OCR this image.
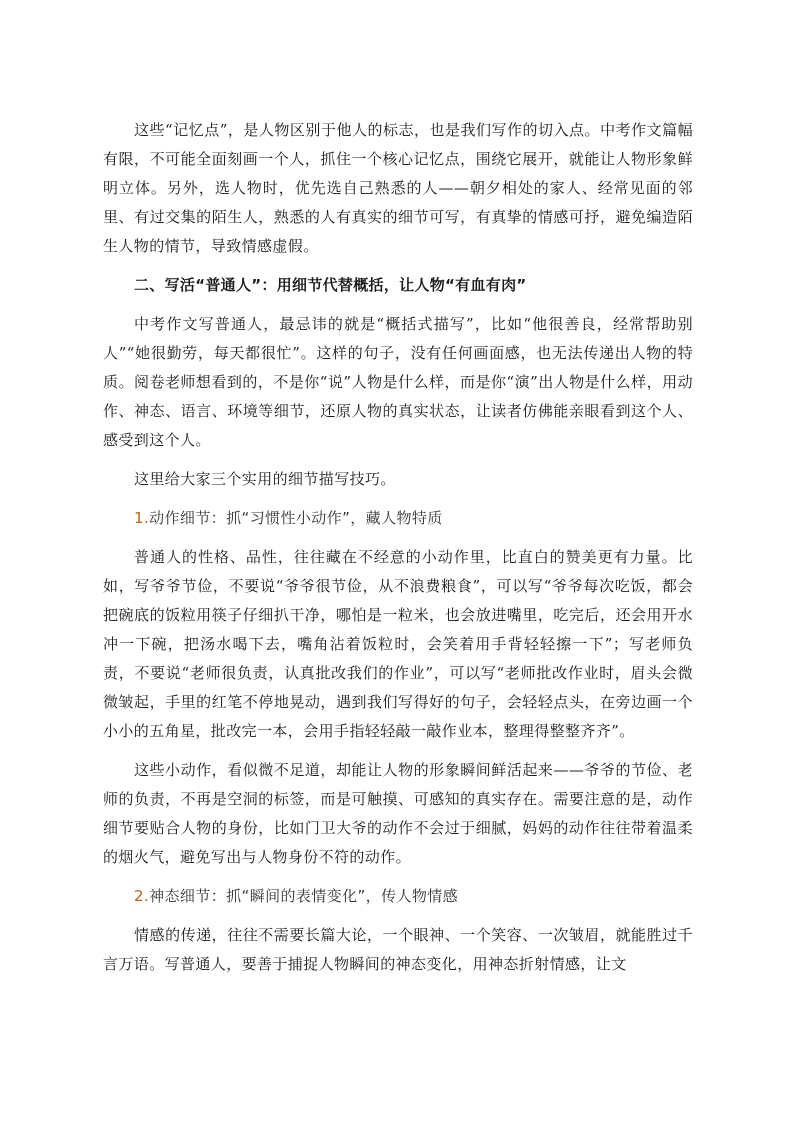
这些“记忆点”，是人物区别于他人的标志，也是我们写作的切入点。中考作文篇幅有限，不可能全面刻画一个人，抓住一个核心记忆点，围绕它展开，就能让人物形象鲜明立体。另外，选人物时，优先选自己熟悉的人——朝夕相处的家人、经常见面的邻里、有过交集的陌生人，熟悉的人有真实的细节可写，有真挚的情感可抒，避免编造陌生人物的情节，导致情感虚假。

二、写活“普通人”：用细节代替概括，让人物“有血有肉”

中考作文写普通人，最忌讳的就是“概括式描写”，比如“他很善良，经常帮助别人”“她很勤劳，每天都很忙”。这样的句子，没有任何画面感，也无法传递出人物的特质。阅卷老师想看到的，不是你“说”人物是什么样，而是你“演”出人物是什么样，用动作、神态、语言、环境等细节，还原人物的真实状态，让读者仿佛能亲眼看到这个人、感受到这个人。

这里给大家三个实用的细节描写技巧。

1.动作细节：抓“习惯性小动作”，藏人物特质

普通人的性格、品性，往往藏在不经意的小动作里，比直白的赞美更有力量。比如，写爷爷节俭，不要说“爷爷很节俭，从不浪费粮食”，可以写“爷爷每次吃饭，都会把碗底的饭粒用筷子仔细扒干净，哪怕是一粒米，也会放进嘴里，吃完后，还会用开水冲一下碗，把汤水喝下去，嘴角沾着饭粒时，会笑着用手背轻轻擦一下”；写老师负责，不要说“老师很负责，认真批改我们的作业”，可以写“老师批改作业时，眉头会微微皱起，手里的红笔不停地晃动，遇到我们写得好的句子，会轻轻点头，在旁边画一个小小的五角星，批改完一本，会用手指轻轻敲一敲作业本，整理得整整齐齐”。

这些小动作，看似微不足道，却能让人物的形象瞬间鲜活起来——爷爷的节俭、老师的负责，不再是空洞的标签，而是可触摸、可感知的真实存在。需要注意的是，动作细节要贴合人物的身份，比如门卫大爷的动作不会过于细腻，妈妈的动作往往带着温柔的烟火气，避免写出与人物身份不符的动作。

2.神态细节：抓“瞬间的表情变化”，传人物情感

情感的传递，往往不需要长篇大论，一个眼神、一个笑容、一次皱眉，就能胜过千言万语。写普通人，要善于捕捉人物瞬间的神态变化，用神态折射情感，让文
